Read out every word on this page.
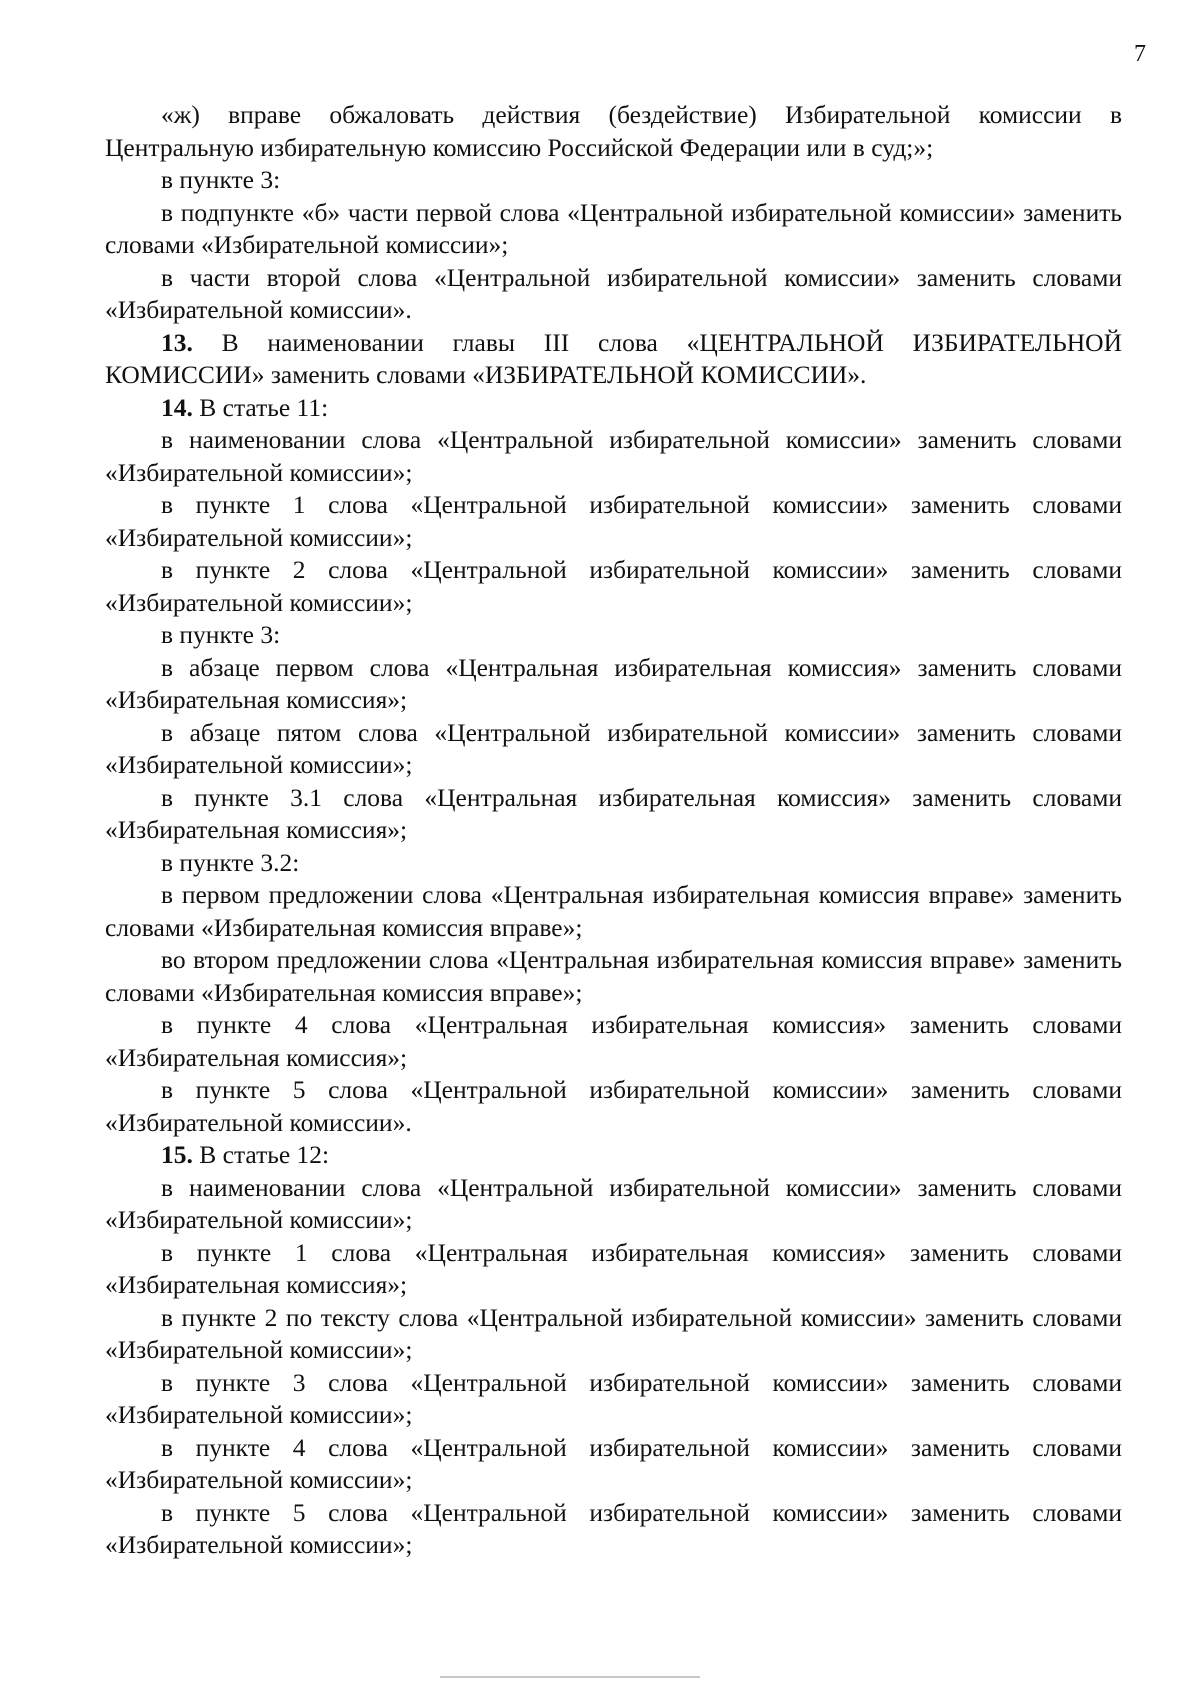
7

«ж) вправе обжаловать действия (бездействие) Избирательной комиссии в Центральную избирательную комиссию Российской Федерации или в суд;»;

в пункте 3:

в подпункте «б» части первой слова «Центральной избирательной комиссии» заменить словами «Избирательной комиссии»;

в части второй слова «Центральной избирательной комиссии» заменить словами «Избирательной комиссии».

13. В наименовании главы III слова «ЦЕНТРАЛЬНОЙ ИЗБИРАТЕЛЬНОЙ КОМИССИИ» заменить словами «ИЗБИРАТЕЛЬНОЙ КОМИССИИ».

14. В статье 11:

в наименовании слова «Центральной избирательной комиссии» заменить словами «Избирательной комиссии»;

в пункте 1 слова «Центральной избирательной комиссии» заменить словами «Избирательной комиссии»;

в пункте 2 слова «Центральной избирательной комиссии» заменить словами «Избирательной комиссии»;

в пункте 3:

в абзаце первом слова «Центральная избирательная комиссия» заменить словами «Избирательная комиссия»;

в абзаце пятом слова «Центральной избирательной комиссии» заменить словами «Избирательной комиссии»;

в пункте 3.1 слова «Центральная избирательная комиссия» заменить словами «Избирательная комиссия»;

в пункте 3.2:

в первом предложении слова «Центральная избирательная комиссия вправе» заменить словами «Избирательная комиссия вправе»;

во втором предложении слова «Центральная избирательная комиссия вправе» заменить словами «Избирательная комиссия вправе»;

в пункте 4 слова «Центральная избирательная комиссия» заменить словами «Избирательная комиссия»;

в пункте 5 слова «Центральной избирательной комиссии» заменить словами «Избирательной комиссии».

15. В статье 12:

в наименовании слова «Центральной избирательной комиссии» заменить словами «Избирательной комиссии»;

в пункте 1 слова «Центральная избирательная комиссия» заменить словами «Избирательная комиссия»;

в пункте 2 по тексту слова «Центральной избирательной комиссии» заменить словами «Избирательной комиссии»;

в пункте 3 слова «Центральной избирательной комиссии» заменить словами «Избирательной комиссии»;

в пункте 4 слова «Центральной избирательной комиссии» заменить словами «Избирательной комиссии»;

в пункте 5 слова «Центральной избирательной комиссии» заменить словами «Избирательной комиссии»;
